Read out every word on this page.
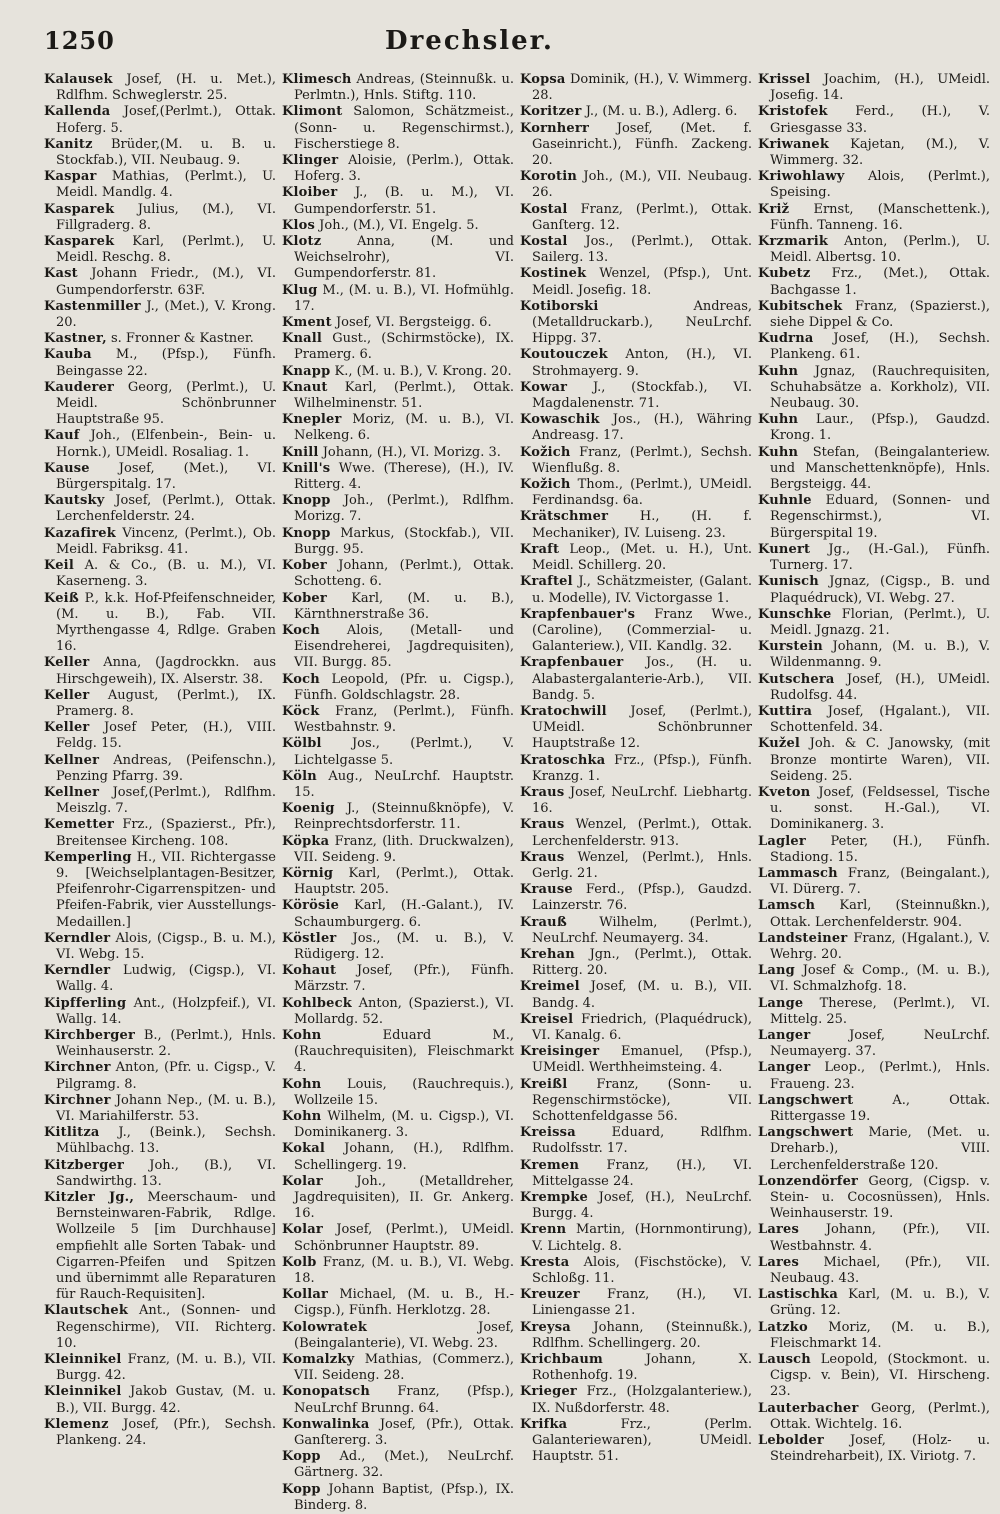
1250	Drechsler.

Kalausek Josef, (H. u. Met.), Rdlfhm. Schweglerstr. 25.

Kallenda Josef,(Perlmt.), Ottak. Hoferg. 5.

Kanitz Brüder,(M. u. B. u. Stockfab.), VII. Neubaug. 9.

Kaspar Mathias, (Perlmt.), U. Meidl. Mandlg. 4.

Kasparek Julius, (M.), VI. Fillgraderg. 8.

Kasparek Karl, (Perlmt.), U. Meidl. Reschg. 8.

Kast Johann Friedr., (M.), VI. Gumpendorferstr. 63F.

Kastenmiller J., (Met.), V. Krong. 20.

Kastner, s. Fronner & Kastner.

Kauba M., (Pfsp.), Fünfh. Beingasse 22.

Kauderer Georg, (Perlmt.), U. Meidl. Schönbrunner Hauptstraße 95.

Kauf Joh., (Elfenbein-, Bein- u. Hornk.), UMeidl. Rosaliag. 1.

Kause Josef, (Met.), VI. Bürgerspitalg. 17.

Kautsky Josef, (Perlmt.), Ottak. Lerchenfelderstr. 24.

Kazafirek Vincenz, (Perlmt.), Ob. Meidl. Fabriksg. 41.

Keil A. & Co., (B. u. M.), VI. Kaserneng. 3.

Keiß P., k.k. Hof-Pfeifenschneider, (M. u. B.), Fab. VII. Myrthengasse 4, Rdlge. Graben 16.

Keller Anna, (Jagdrockkn. aus Hirschgeweih), IX. Alserstr. 38.

Keller August, (Perlmt.), IX. Pramerg. 8.

Keller Josef Peter, (H.), VIII. Feldg. 15.

Kellner Andreas, (Peifenschn.), Penzing Pfarrg. 39.

Kellner Josef,(Perlmt.), Rdlfhm. Meiszlg. 7.

Kemetter Frz., (Spazierst., Pfr.), Breitensee Kircheng. 108.

Kemperling H., VII. Richtergasse 9. [Weichselplantagen-Besitzer, Pfeifenrohr-Cigarrenspitzen- und Pfeifen-Fabrik, vier Ausstellungs-Medaillen.]

Kerndler Alois, (Cigsp., B. u. M.), VI. Webg. 15.

Kerndler Ludwig, (Cigsp.), VI. Wallg. 4.

Kipfferling Ant., (Holzpfeif.), VI. Wallg. 14.

Kirchberger B., (Perlmt.), Hnls. Weinhauserstr. 2.

Kirchner Anton, (Pfr. u. Cigsp., V. Pilgramg. 8.

Kirchner Johann Nep., (M. u. B.), VI. Mariahilferstr. 53.

Kitlitza J., (Beink.), Sechsh. Mühlbachg. 13.

Kitzberger Joh., (B.), VI. Sandwirthg. 13.

Kitzler Jg., Meerschaum- und Bernsteinwaren-Fabrik, Rdlge. Wollzeile 5 [im Durchhause] empfiehlt alle Sorten Tabak- und Cigarren-Pfeifen und Spitzen und übernimmt alle Reparaturen für Rauch-Requisiten].

Klautschek Ant., (Sonnen- und Regenschirme), VII. Richterg. 10.

Kleinnikel Franz, (M. u. B.), VII. Burgg. 42.

Kleinnikel Jakob Gustav, (M. u. B.), VII. Burgg. 42.

Klemenz Josef, (Pfr.), Sechsh. Plankeng. 24.

Klimesch Andreas, (Steinnußk. u. Perlmtn.), Hnls. Stiftg. 110.

Klimont Salomon, Schätzmeist., (Sonn- u. Regenschirmst.), Fischerstiege 8.

Klinger Aloisie, (Perlm.), Ottak. Hoferg. 3.

Kloiber J., (B. u. M.), VI. Gumpendorferstr. 51.

Klos Joh., (M.), VI. Engelg. 5.

Klotz	Anna, (M. und Weichselrohr), VI. Gumpendorferstr. 81.

Klug M., (M. u. B.), VI. Hofmühlg. 17.

Kment Josef, VI. Bergsteigg. 6.

Knall Gust., (Schirmstöcke), IX. Pramerg. 6.

Knapp K., (M. u. B.), V. Krong. 20.

Knaut Karl, (Perlmt.), Ottak. Wilhelminenstr. 51.

Knepler Moriz, (M. u. B.), VI. Nelkeng. 6.

Knill Johann, (H.), VI. Morizg. 3.

Knill's Wwe. (Therese), (H.), IV. Ritterg. 4.

Knopp Joh., (Perlmt.), Rdlfhm. Morizg. 7.

Knopp Markus, (Stockfab.), VII. Burgg. 95.

Kober Johann, (Perlmt.), Ottak. Schotteng. 6.

Kober Karl, (M. u. B.), Kärnthnerstraße 36.

Koch Alois, (Metall- und Eisendreherei, Jagdrequisiten), VII. Burgg. 85.

Koch Leopold, (Pfr. u. Cigsp.), Fünfh. Goldschlagstr. 28.

Köck Franz, (Perlmt.), Fünfh. Westbahnstr. 9.

Kölbl Jos., (Perlmt.), V. Lichtelgasse 5.

Köln Aug., NeuLrchf. Hauptstr. 15.

Koenig J., (Steinnußknöpfe), V. Reinprechtsdorferstr. 11.

Köpka Franz, (lith. Druckwalzen), VII. Seideng. 9.

Körnig Karl, (Perlmt.), Ottak. Hauptstr. 205.

Körösie Karl, (H.-Galant.), IV. Schaumburgerg. 6.

Köstler Jos., (M. u. B.), V. Rüdigerg. 12.

Kohaut Josef, (Pfr.), Fünfh. Märzstr. 7.

Kohlbeck Anton, (Spazierst.), VI. Mollardg. 52.

Kohn	Eduard M., (Rauchrequisiten), Fleischmarkt 4.

Kohn Louis, (Rauchrequis.), Wollzeile 15.

Kohn Wilhelm, (M. u. Cigsp.), VI. Dominikanerg. 3.

Kokal Johann, (H.), Rdlfhm. Schellingerg. 19.

Kolar	Joh., (Metalldreher, Jagdrequisiten), II. Gr. Ankerg. 16.

Kolar Josef, (Perlmt.), UMeidl. Schönbrunner Hauptstr. 89.

Kolb Franz, (M. u. B.), VI. Webg. 18.

Kollar Michael, (M. u. B., H.-Cigsp.), Fünfh. Herklotzg. 28.

Kolowratek	Josef, (Beingalanterie), VI. Webg. 23.

Komalzky Mathias, (Commerz.), VII. Seideng. 28.

Konopatsch Franz, (Pfsp.), NeuLrchf Brunng. 64.

Konwalinka Josef, (Pfr.), Ottak. Ganſtererg. 3.

Kopp Ad., (Met.), NeuLrchf. Gärtnerg. 32.

Kopp Johann Baptist, (Pfsp.), IX. Binderg. 8.

Kopsa Dominik, (H.), V. Wimmerg. 28.

Koritzer J., (M. u. B.), Adlerg. 6.

Kornherr Josef, (Met. f. Gaseinricht.), Fünfh. Zackeng. 20.

Korotin Joh., (M.), VII. Neubaug. 26.

Kostal Franz, (Perlmt.), Ottak. Ganſterg. 12.

Kostal Jos., (Perlmt.), Ottak. Sailerg. 13.

Kostinek Wenzel, (Pfsp.), Unt. Meidl. Josefig. 18.

Kotiborski	Andreas, (Metalldruckarb.), NeuLrchf. Hippg. 37.

Koutouczek Anton, (H.), VI. Strohmayerg. 9.

Kowar J., (Stockfab.), VI. Magdalenenstr. 71.

Kowaschik Jos., (H.), Währing Andreasg. 17.

Kožich Franz, (Perlmt.), Sechsh. Wienflußg. 8.

Kožich Thom., (Perlmt.), UMeidl. Ferdinandsg. 6a.

Krätschmer H., (H. f. Mechaniker), IV. Luiseng. 23.

Kraft Leop., (Met. u. H.), Unt. Meidl. Schillerg. 20.

Kraftel J., Schätzmeister, (Galant. u. Modelle), IV. Victorgasse 1.

Krapfenbauer's Franz Wwe., (Caroline), (Commerzial- u. Galanteriew.), VII. Kandlg. 32.

Krapfenbauer Jos., (H. u. Alabastergalanterie-Arb.), VII. Bandg. 5.

Kratochwill Josef, (Perlmt.), UMeidl. Schönbrunner Hauptstraße 12.

Kratoschka Frz., (Pfsp.), Fünfh. Kranzg. 1.

Kraus Josef, NeuLrchf. Liebhartg. 16.

Kraus Wenzel, (Perlmt.), Ottak. Lerchenfelderstr. 913.

Kraus Wenzel, (Perlmt.), Hnls. Gerlg. 21.

Krause Ferd., (Pfsp.), Gaudzd. Lainzerstr. 76.

Krauß Wilhelm, (Perlmt.), NeuLrchf. Neumayerg. 34.

Krehan Jgn., (Perlmt.), Ottak. Ritterg. 20.

Kreimel Josef, (M. u. B.), VII. Bandg. 4.

Kreisel Friedrich, (Plaquédruck), VI. Kanalg. 6.

Kreisinger Emanuel, (Pfsp.), UMeidl. Werthheimsteing. 4.

Kreißl Franz, (Sonn- u. Regenschirmstöcke), VII. Schottenfeldgasse 56.

Kreissa	Eduard, Rdlfhm. Rudolfsstr. 17.

Kremen Franz, (H.), VI. Mittelgasse 24.

Krempke Josef, (H.), NeuLrchf. Burgg. 4.

Krenn Martin, (Hornmontirung), V. Lichtelg. 8.

Kresta Alois, (Fischstöcke), V. Schloßg. 11.

Kreuzer Franz, (H.), VI. Liniengasse 21.

Kreysa Johann, (Steinnußk.), Rdlfhm. Schellingerg. 20.

Krichbaum	Johann, X. Rothenhofg. 19.

Krieger Frz., (Holzgalanteriew.), IX. Nußdorferstr. 48.

Krifka	Frz., (Perlm. Galanteriewaren), UMeidl. Hauptstr. 51.

Krissel Joachim, (H.), UMeidl. Josefig. 14.

Kristofek Ferd., (H.), V. Griesgasse 33.

Kriwanek Kajetan, (M.), V. Wimmerg. 32.

Kriwohlawy Alois, (Perlmt.), Speising.

Križ Ernst, (Manschettenk.), Fünfh. Tanneng. 16.

Krzmarik Anton, (Perlm.), U. Meidl. Albertsg. 10.

Kubetz Frz., (Met.), Ottak. Bachgasse 1.

Kubitschek Franz, (Spazierst.), siehe Dippel & Co.

Kudrna Josef, (H.), Sechsh. Plankeng. 61.

Kuhn Jgnaz, (Rauchrequisiten, Schuhabsätze a. Korkholz), VII. Neubaug. 30.

Kuhn Laur., (Pfsp.), Gaudzd. Krong. 1.

Kuhn Stefan, (Beingalanteriew. und Manschettenknöpfe), Hnls. Bergsteigg. 44.

Kuhnle Eduard, (Sonnen- und Regenschirmst.), VI. Bürgerspital 19.

Kunert Jg., (H.-Gal.), Fünfh. Turnerg. 17.

Kunisch Jgnaz, (Cigsp., B. und Plaquédruck), VI. Webg. 27.

Kunschke Florian, (Perlmt.), U. Meidl. Jgnazg. 21.

Kurstein Johann, (M. u. B.), V. Wildenmanng. 9.

Kutschera Josef, (H.), UMeidl. Rudolfsg. 44.

Kuttira Josef, (Hgalant.), VII. Schottenfeld. 34.

Kužel Joh. & C. Janowsky, (mit Bronze montirte Waren), VII. Seideng. 25.

Kveton Josef, (Feldsessel, Tische u. sonst. H.-Gal.), VI. Dominikanerg. 3.

Lagler Peter, (H.), Fünfh. Stadiong. 15.

Lammasch Franz, (Beingalant.), VI. Dürerg. 7.

Lamsch Karl, (Steinnußkn.), Ottak. Lerchenfelderstr. 904.

Landsteiner Franz, (Hgalant.), V. Wehrg. 20.

Lang Josef & Comp., (M. u. B.), VI. Schmalzhofg. 18.

Lange Therese, (Perlmt.), VI. Mittelg. 25.

Langer	Josef, NeuLrchf. Neumayerg. 37.

Langer Leop., (Perlmt.), Hnls. Fraueng. 23.

Langschwert	A., Ottak. Rittergasse 19.

Langschwert Marie, (Met. u. Dreharb.), VIII. Lerchenfelderstraße 120.

Lonzendörfer Georg, (Cigsp. v. Stein- u. Cocosnüssen), Hnls. Weinhauserstr. 19.

Lares Johann, (Pfr.), VII. Westbahnstr. 4.

Lares Michael, (Pfr.), VII. Neubaug. 43.

Lastischka Karl, (M. u. B.), V. Grüng. 12.

Latzko Moriz, (M. u. B.), Fleischmarkt 14.

Lausch Leopold, (Stockmont. u. Cigsp. v. Bein), VI. Hirscheng. 23.

Lauterbacher Georg, (Perlmt.), Ottak. Wichtelg. 16.

Lebolder Josef, (Holz- u. Steindreharbeit), IX. Viriotg. 7.
